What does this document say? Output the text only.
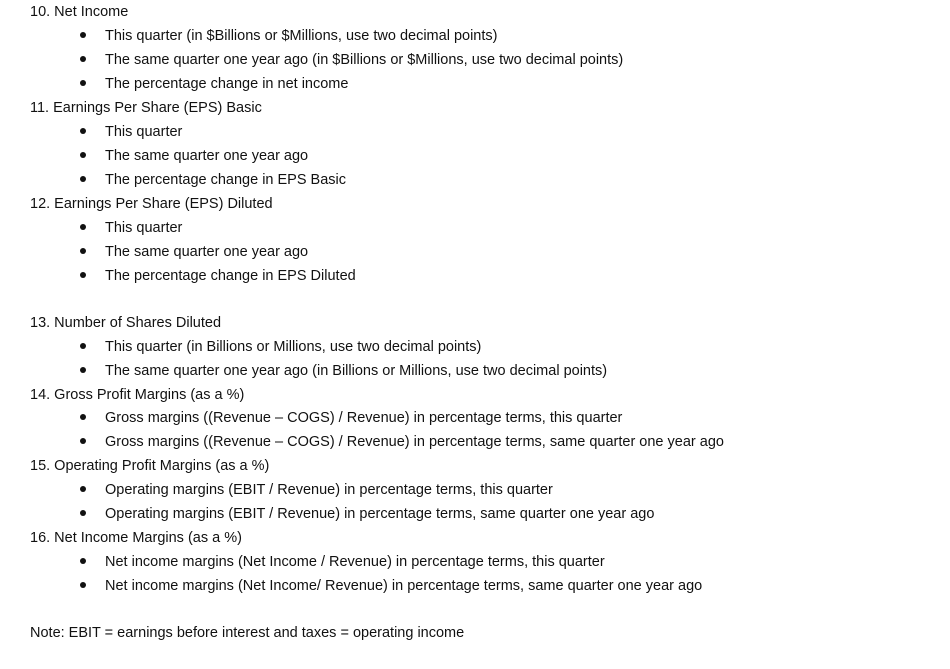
10. Net Income
This quarter (in $Billions or $Millions, use two decimal points)
The same quarter one year ago (in $Billions or $Millions, use two decimal points)
The percentage change in net income
11. Earnings Per Share (EPS) Basic
This quarter
The same quarter one year ago
The percentage change in EPS Basic
12. Earnings Per Share (EPS) Diluted
This quarter
The same quarter one year ago
The percentage change in EPS Diluted
13. Number of Shares Diluted
This quarter (in Billions or Millions, use two decimal points)
The same quarter one year ago (in Billions or Millions, use two decimal points)
14. Gross Profit Margins (as a %)
Gross margins ((Revenue – COGS) / Revenue) in percentage terms, this quarter
Gross margins ((Revenue – COGS) / Revenue) in percentage terms, same quarter one year ago
15. Operating Profit Margins (as a %)
Operating margins (EBIT / Revenue) in percentage terms, this quarter
Operating margins (EBIT / Revenue) in percentage terms, same quarter one year ago
16. Net Income Margins (as a %)
Net income margins (Net Income / Revenue) in percentage terms, this quarter
Net income margins (Net Income/ Revenue) in percentage terms, same quarter one year ago
Note: EBIT = earnings before interest and taxes = operating income
